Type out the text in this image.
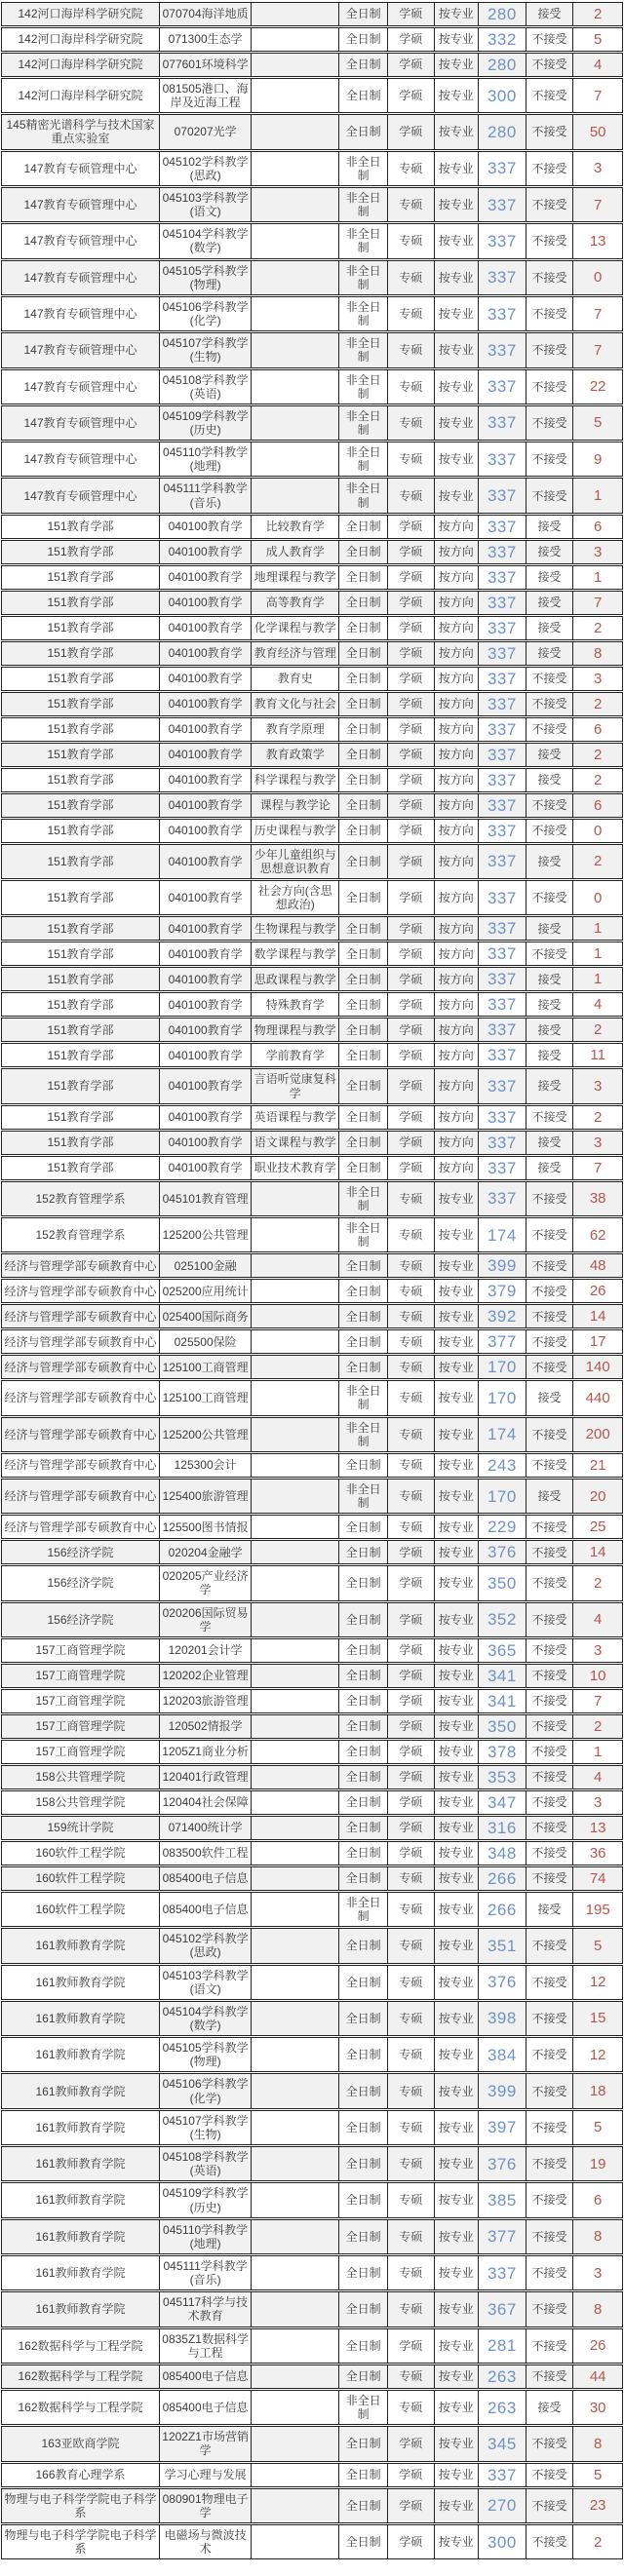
142河口海岸科学研究院	070704海洋地质		全日制	学硕	按专业	280	接受	2
142河口海岸科学研究院	071300生态学		全日制	学硕	按专业	332	不接受	5
142河口海岸科学研究院	077601环境科学		全日制	学硕	按专业	280	不接受	4
142河口海岸科学研究院	081505港口、海岸及近海工程		全日制	学硕	按专业	300	不接受	7
145精密光谱科学与技术国家重点实验室	070207光学		全日制	学硕	按专业	280	不接受	50
147教育专硕管理中心	045102学科教学(思政)		非全日制	专硕	按专业	337	不接受	3
147教育专硕管理中心	045103学科教学(语文)		非全日制	专硕	按专业	337	不接受	7
147教育专硕管理中心	045104学科教学(数学)		非全日制	专硕	按专业	337	不接受	13
147教育专硕管理中心	045105学科教学(物理)		非全日制	专硕	按专业	337	不接受	0
147教育专硕管理中心	045106学科教学(化学)		非全日制	专硕	按专业	337	不接受	7
147教育专硕管理中心	045107学科教学(生物)		非全日制	专硕	按专业	337	不接受	7
147教育专硕管理中心	045108学科教学(英语)		非全日制	专硕	按专业	337	不接受	22
147教育专硕管理中心	045109学科教学(历史)		非全日制	专硕	按专业	337	不接受	5
147教育专硕管理中心	045110学科教学(地理)		非全日制	专硕	按专业	337	不接受	9
147教育专硕管理中心	045111学科教学(音乐)		非全日制	专硕	按专业	337	不接受	1
151教育学部	040100教育学	比较教育学	全日制	学硕	按方向	337	接受	6
151教育学部	040100教育学	成人教育学	全日制	学硕	按方向	337	接受	3
151教育学部	040100教育学	地理课程与教学	全日制	学硕	按方向	337	接受	1
151教育学部	040100教育学	高等教育学	全日制	学硕	按方向	337	接受	7
151教育学部	040100教育学	化学课程与教学	全日制	学硕	按方向	337	接受	2
151教育学部	040100教育学	教育经济与管理	全日制	学硕	按方向	337	接受	8
151教育学部	040100教育学	教育史	全日制	学硕	按方向	337	不接受	3
151教育学部	040100教育学	教育文化与社会	全日制	学硕	按方向	337	不接受	2
151教育学部	040100教育学	教育学原理	全日制	学硕	按方向	337	不接受	6
151教育学部	040100教育学	教育政策学	全日制	学硕	按方向	337	接受	2
151教育学部	040100教育学	科学课程与教学	全日制	学硕	按方向	337	接受	2
151教育学部	040100教育学	课程与教学论	全日制	学硕	按方向	337	不接受	6
151教育学部	040100教育学	历史课程与教学	全日制	学硕	按方向	337	不接受	0
151教育学部	040100教育学	少年儿童组织与思想意识教育	全日制	学硕	按方向	337	接受	2
151教育学部	040100教育学	社会方向(含思想政治)	全日制	学硕	按方向	337	不接受	0
151教育学部	040100教育学	生物课程与教学	全日制	学硕	按方向	337	接受	1
151教育学部	040100教育学	数学课程与教学	全日制	学硕	按方向	337	不接受	1
151教育学部	040100教育学	思政课程与教学	全日制	学硕	按方向	337	接受	1
151教育学部	040100教育学	特殊教育学	全日制	学硕	按方向	337	接受	4
151教育学部	040100教育学	物理课程与教学	全日制	学硕	按方向	337	接受	2
151教育学部	040100教育学	学前教育学	全日制	学硕	按方向	337	接受	11
151教育学部	040100教育学	言语听觉康复科学	全日制	学硕	按方向	337	接受	3
151教育学部	040100教育学	英语课程与教学	全日制	学硕	按方向	337	不接受	2
151教育学部	040100教育学	语文课程与教学	全日制	学硕	按方向	337	接受	3
151教育学部	040100教育学	职业技术教育学	全日制	学硕	按方向	337	接受	7
152教育管理学系	045101教育管理		非全日制	专硕	按专业	337	不接受	38
152教育管理学系	125200公共管理		非全日制	专硕	按专业	174	不接受	62
经济与管理学部专硕教育中心	025100金融		全日制	专硕	按专业	399	不接受	48
经济与管理学部专硕教育中心	025200应用统计		全日制	专硕	按专业	379	不接受	26
经济与管理学部专硕教育中心	025400国际商务		全日制	专硕	按专业	392	不接受	14
经济与管理学部专硕教育中心	025500保险		全日制	专硕	按专业	377	不接受	17
经济与管理学部专硕教育中心	125100工商管理		全日制	专硕	按专业	170	不接受	140
经济与管理学部专硕教育中心	125100工商管理		非全日制	专硕	按专业	170	接受	440
经济与管理学部专硕教育中心	125200公共管理		非全日制	专硕	按专业	174	不接受	200
经济与管理学部专硕教育中心	125300会计		全日制	专硕	按专业	243	不接受	21
经济与管理学部专硕教育中心	125400旅游管理		非全日制	专硕	按专业	170	接受	20
经济与管理学部专硕教育中心	125500图书情报		全日制	专硕	按专业	229	不接受	25
156经济学院	020204金融学		全日制	学硕	按专业	376	不接受	14
156经济学院	020205产业经济学		全日制	学硕	按专业	350	不接受	2
156经济学院	020206国际贸易学		全日制	学硕	按专业	352	不接受	4
157工商管理学院	120201会计学		全日制	学硕	按专业	365	不接受	3
157工商管理学院	120202企业管理		全日制	学硕	按专业	341	不接受	10
157工商管理学院	120203旅游管理		全日制	学硕	按专业	341	不接受	7
157工商管理学院	120502情报学		全日制	学硕	按专业	350	不接受	2
157工商管理学院	1205Z1商业分析		全日制	学硕	按专业	378	不接受	1
158公共管理学院	120401行政管理		全日制	学硕	按专业	353	不接受	4
158公共管理学院	120404社会保障		全日制	学硕	按专业	347	不接受	3
159统计学院	071400统计学		全日制	学硕	按专业	316	不接受	13
160软件工程学院	083500软件工程		全日制	学硕	按专业	348	不接受	36
160软件工程学院	085400电子信息		全日制	专硕	按专业	266	不接受	74
160软件工程学院	085400电子信息		非全日制	专硕	按专业	266	接受	195
161教师教育学院	045102学科教学(思政)		全日制	专硕	按专业	351	不接受	5
161教师教育学院	045103学科教学(语文)		全日制	专硕	按专业	376	不接受	12
161教师教育学院	045104学科教学(数学)		全日制	专硕	按专业	398	不接受	15
161教师教育学院	045105学科教学(物理)		全日制	专硕	按专业	384	不接受	12
161教师教育学院	045106学科教学(化学)		全日制	专硕	按专业	399	不接受	18
161教师教育学院	045107学科教学(生物)		全日制	专硕	按专业	397	不接受	5
161教师教育学院	045108学科教学(英语)		全日制	专硕	按专业	376	不接受	19
161教师教育学院	045109学科教学(历史)		全日制	专硕	按专业	385	不接受	6
161教师教育学院	045110学科教学(地理)		全日制	专硕	按专业	377	不接受	8
161教师教育学院	045111学科教学(音乐)		全日制	专硕	按专业	337	不接受	3
161教师教育学院	045117科学与技术教育		全日制	专硕	按专业	367	不接受	8
162数据科学与工程学院	0835Z1数据科学与工程		全日制	学硕	按专业	281	不接受	26
162数据科学与工程学院	085400电子信息		全日制	专硕	按专业	263	不接受	44
162数据科学与工程学院	085400电子信息		非全日制	专硕	按专业	263	接受	30
163亚欧商学院	1202Z1市场营销学		全日制	学硕	按专业	345	不接受	8
166教育心理学系	学习心理与发展		全日制	学硕	按专业	337	不接受	5
物理与电子科学学院电子科学系	080901物理电子学		全日制	学硕	按专业	270	不接受	23
物理与电子科学学院电子科学系	电磁场与微波技术		全日制	学硕	按专业	300	不接受	2
